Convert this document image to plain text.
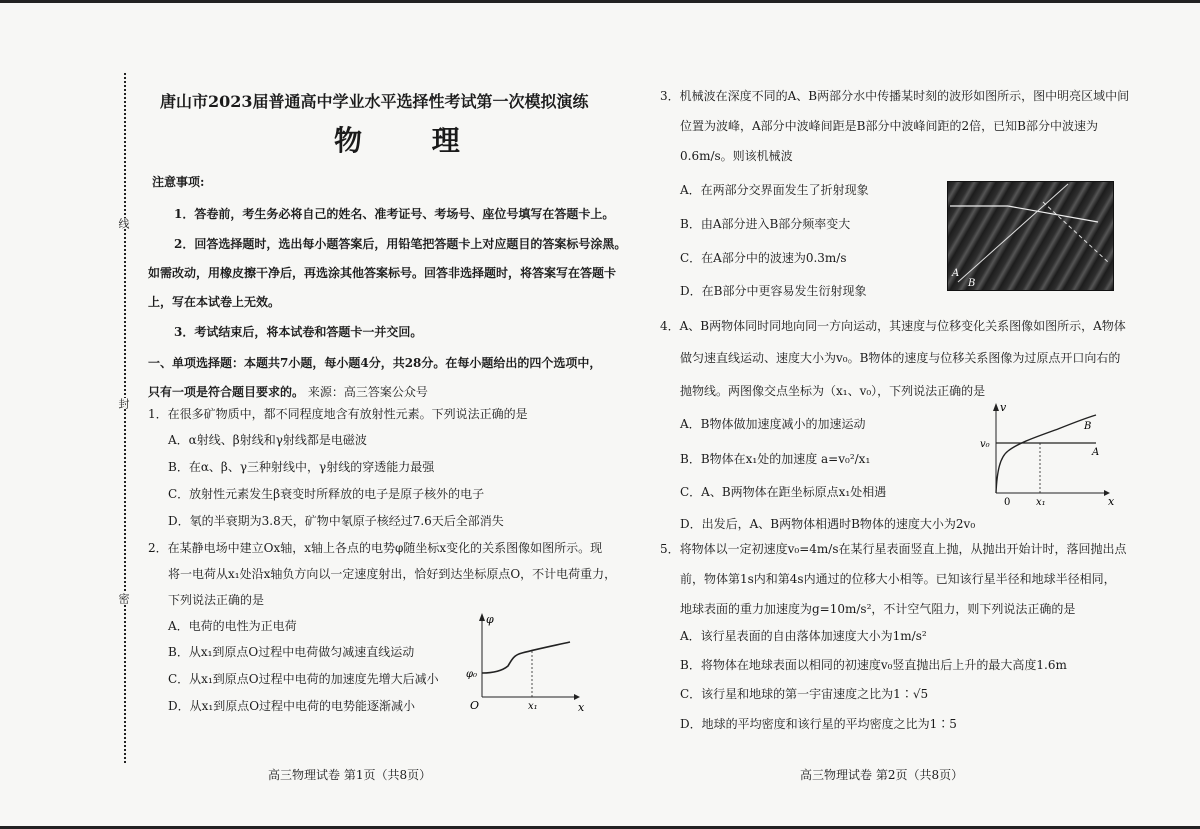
线
封
密
唐山市2023届普通高中学业水平选择性考试第一次模拟演练
物 理
注意事项:
1．答卷前，考生务必将自己的姓名、准考证号、考场号、座位号填写在答题卡上。
2．回答选择题时，选出每小题答案后，用铅笔把答题卡上对应题目的答案标号涂黑。
如需改动，用橡皮擦干净后，再选涂其他答案标号。回答非选择题时，将答案写在答题卡
上，写在本试卷上无效。
3．考试结束后，将本试卷和答题卡一并交回。
一、单项选择题：本题共7小题，每小题4分，共28分。在每小题给出的四个选项中，
只有一项是符合题目要求的。 来源：高三答案公众号
1．在很多矿物质中，都不同程度地含有放射性元素。下列说法正确的是
A．α射线、β射线和γ射线都是电磁波
B．在α、β、γ三种射线中，γ射线的穿透能力最强
C．放射性元素发生β衰变时所释放的电子是原子核外的电子
D．氡的半衰期为3.8天，矿物中氡原子核经过7.6天后全部消失
2．在某静电场中建立Ox轴，x轴上各点的电势φ随坐标x变化的关系图像如图所示。现
将一电荷从x₁处沿x轴负方向以一定速度射出，恰好到达坐标原点O，不计电荷重力，
下列说法正确的是
A．电荷的电性为正电荷
B．从x₁到原点O过程中电荷做匀减速直线运动
C．从x₁到原点O过程中电荷的加速度先增大后减小
D．从x₁到原点O过程中电荷的电势能逐渐减小
高三物理试卷 第1页（共8页）
φ
x
O
φ₀
x₁
3．机械波在深度不同的A、B两部分水中传播某时刻的波形如图所示，图中明亮区域中间
位置为波峰，A部分中波峰间距是B部分中波峰间距的2倍，已知B部分中波速为
0.6m/s。则该机械波
A．在两部分交界面发生了折射现象
B．由A部分进入B部分频率变大
C．在A部分中的波速为0.3m/s
D．在B部分中更容易发生衍射现象
4．A、B两物体同时同地向同一方向运动，其速度与位移变化关系图像如图所示，A物体
做匀速直线运动、速度大小为v₀。B物体的速度与位移关系图像为过原点开口向右的
抛物线。两图像交点坐标为（x₁、v₀），下列说法正确的是
A．B物体做加速度减小的加速运动
B．B物体在x₁处的加速度 a=v₀²/x₁
C．A、B两物体在距坐标原点x₁处相遇
D．出发后，A、B两物体相遇时B物体的速度大小为2v₀
5．将物体以一定初速度v₀=4m/s在某行星表面竖直上抛，从抛出开始计时，落回抛出点
前，物体第1s内和第4s内通过的位移大小相等。已知该行星半径和地球半径相同，
地球表面的重力加速度为g=10m/s²，不计空气阻力，则下列说法正确的是
A．该行星表面的自由落体加速度大小为1m/s²
B．将物体在地球表面以相同的初速度v₀竖直抛出后上升的最大高度1.6m
C．该行星和地球的第一宇宙速度之比为1∶√5
D．地球的平均密度和该行星的平均密度之比为1∶5
高三物理试卷 第2页（共8页）
A
B
v
x
0
v₀
x₁
B
A
